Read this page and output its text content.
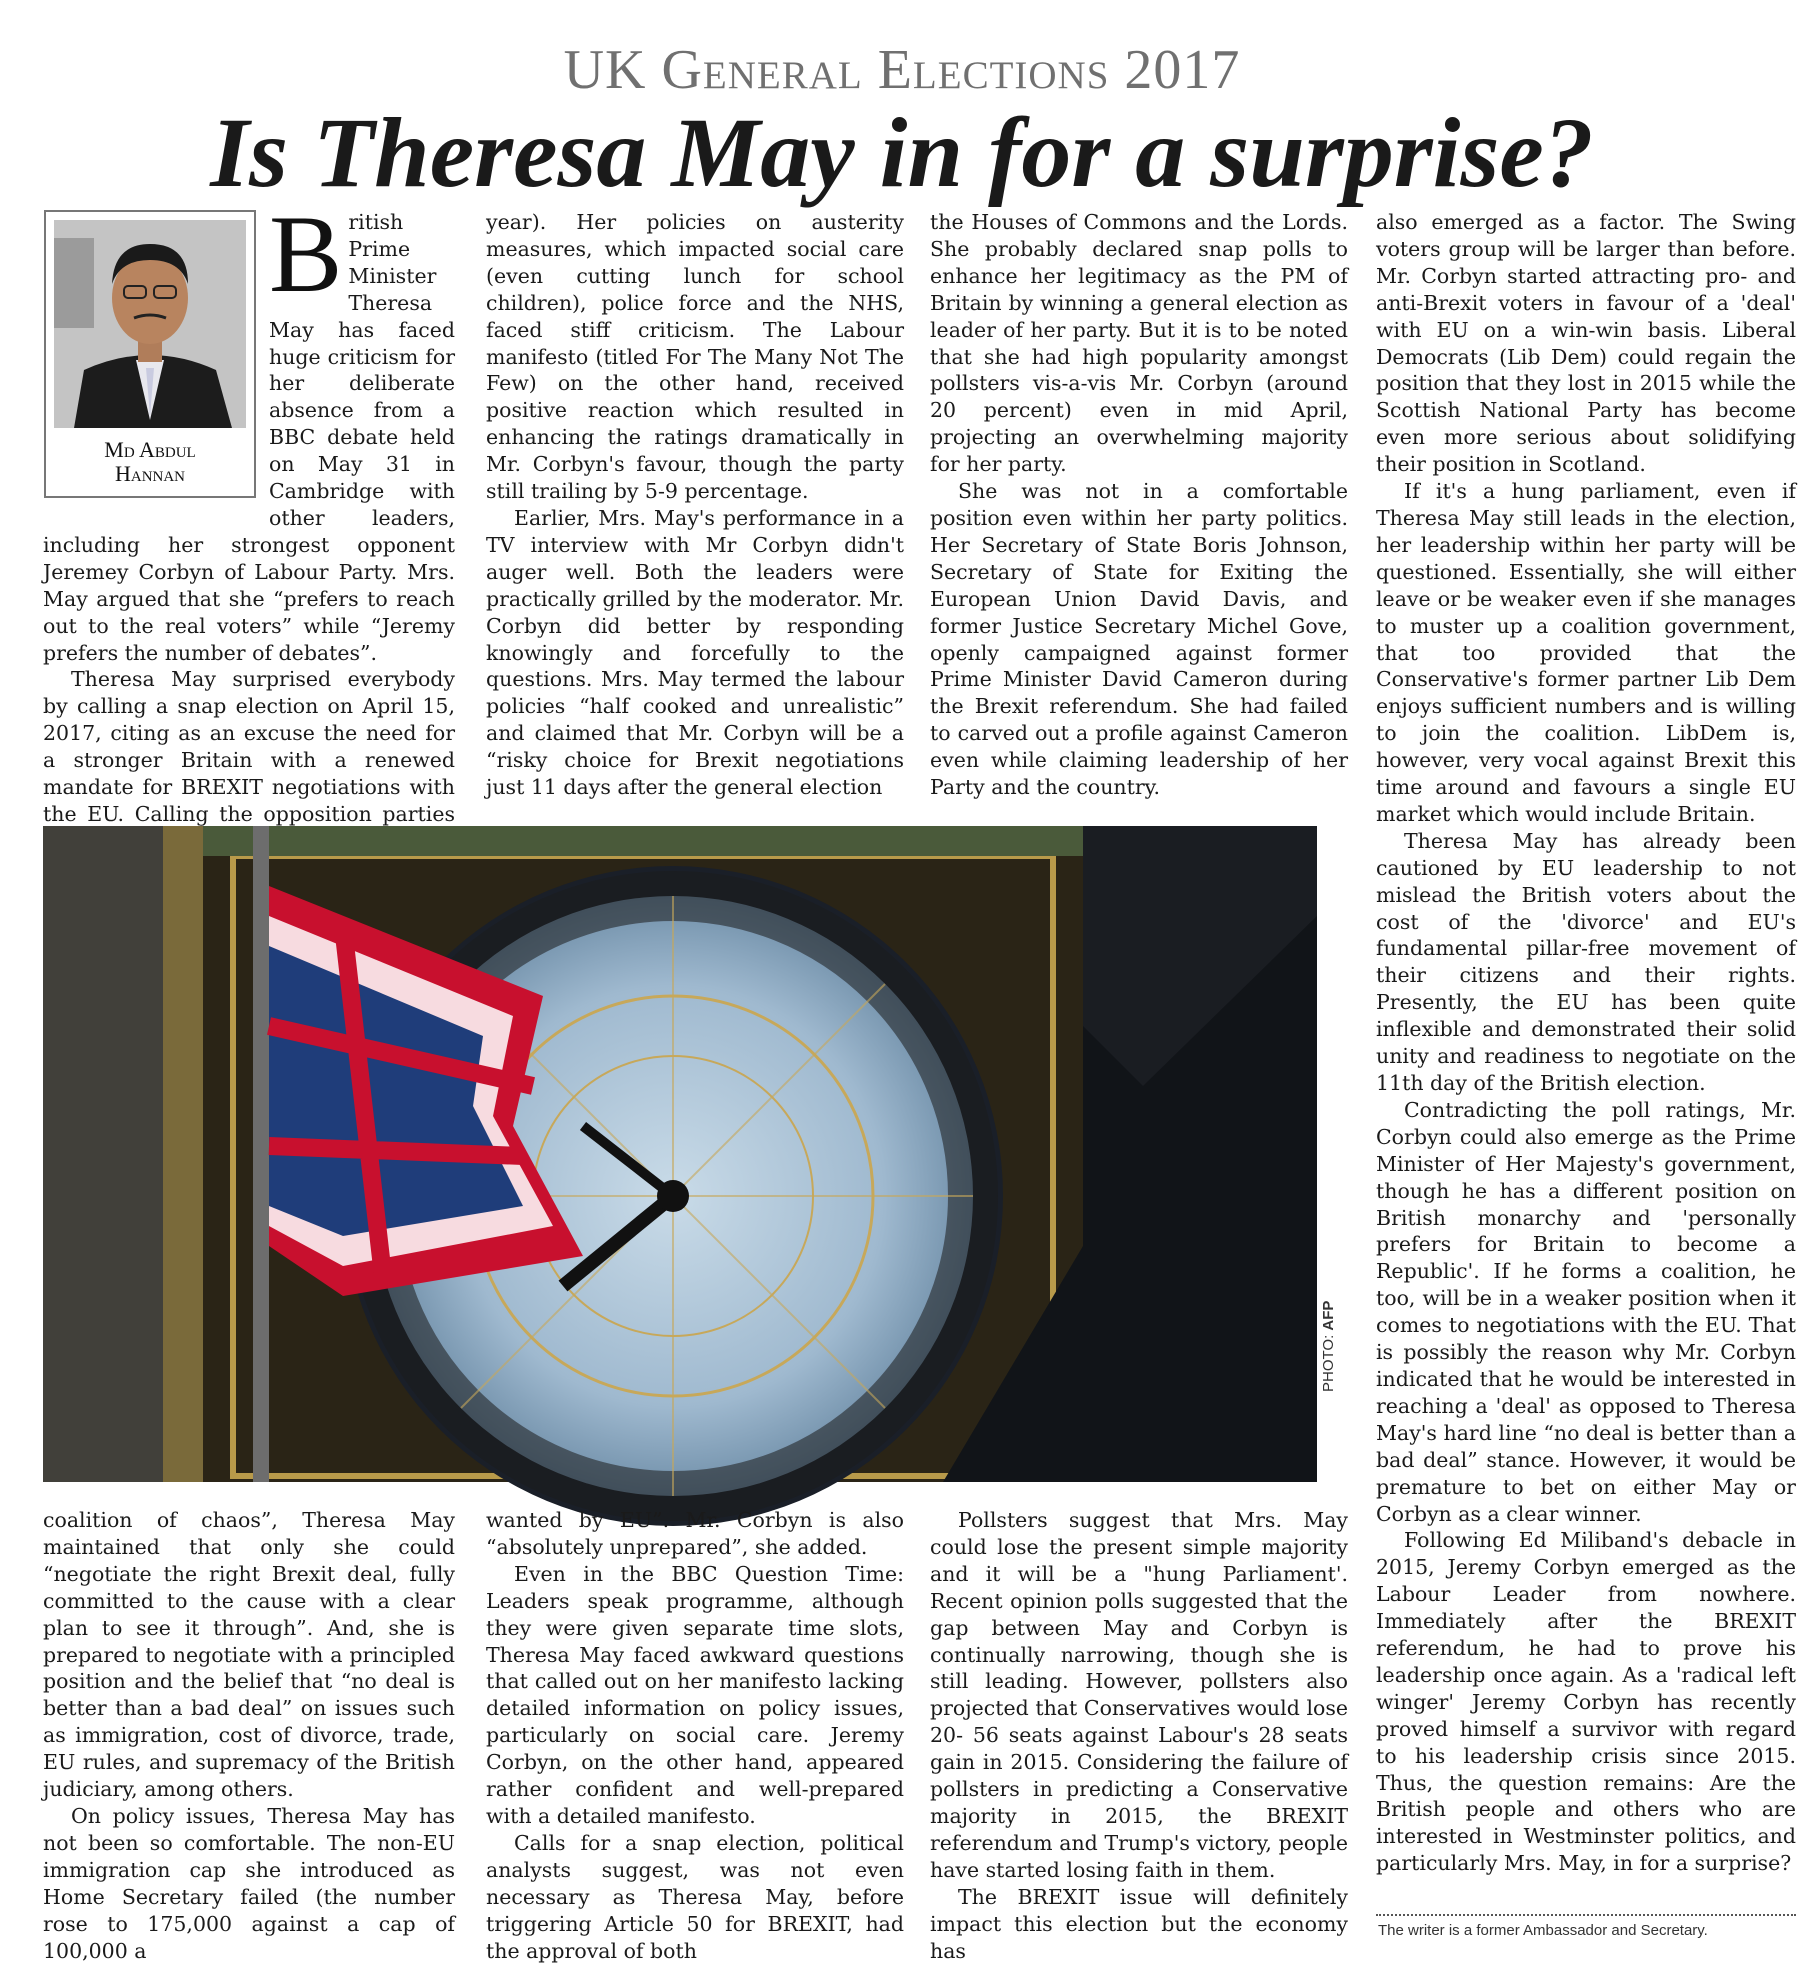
UK General Elections 2017
Is Theresa May in for a surprise?
Md Abdul
Hannan
B ritish Prime Minister Theresa May has faced huge criticism for her deliberate absence from a BBC debate held on May 31 in Cambridge with other leaders, including her strongest opponent Jeremey Corbyn of Labour Party. Mrs. May argued that she “prefers to reach out to the real voters” while “Jeremy prefers the number of debates”.

Theresa May surprised everybody by calling a snap election on April 15, 2017, citing as an excuse the need for a stronger Britain with a renewed mandate for BREXIT negotiations with the EU. Calling the opposition parties

year). Her policies on austerity measures, which impacted social care (even cutting lunch for school children), police force and the NHS, faced stiff criticism. The Labour manifesto (titled For The Many Not The Few) on the other hand, received positive reaction which resulted in enhancing the ratings dramatically in Mr. Corbyn's favour, though the party still trailing by 5-9 percentage.

Earlier, Mrs. May's performance in a TV interview with Mr Corbyn didn't auger well. Both the leaders were practically grilled by the moderator. Mr. Corbyn did better by responding knowingly and forcefully to the questions. Mrs. May termed the labour policies “half cooked and unrealistic” and claimed that Mr. Corbyn will be a “risky choice for Brexit negotiations just 11 days after the general election

the Houses of Commons and the Lords. She probably declared snap polls to enhance her legitimacy as the PM of Britain by winning a general election as leader of her party. But it is to be noted that she had high popularity amongst pollsters vis-a-vis Mr. Corbyn (around 20 percent) even in mid April, projecting an overwhelming majority for her party.

She was not in a comfortable position even within her party politics. Her Secretary of State Boris Johnson, Secretary of State for Exiting the European Union David Davis, and former Justice Secretary Michel Gove, openly campaigned against former Prime Minister David Cameron during the Brexit referendum. She had failed to carved out a profile against Cameron even while claiming leadership of her Party and the country.

also emerged as a factor. The Swing voters group will be larger than before. Mr. Corbyn started attracting pro- and anti-Brexit voters in favour of a 'deal' with EU on a win-win basis. Liberal Democrats (Lib Dem) could regain the position that they lost in 2015 while the Scottish National Party has become even more serious about solidifying their position in Scotland.

If it's a hung parliament, even if Theresa May still leads in the election, her leadership within her party will be questioned. Essentially, she will either leave or be weaker even if she manages to muster up a coalition government, that too provided that the Conservative's former partner Lib Dem enjoys sufficient numbers and is willing to join the coalition. LibDem is, however, very vocal against Brexit this time around and favours a single EU market which would include Britain.

Theresa May has already been cautioned by EU leadership to not mislead the British voters about the cost of the 'divorce' and EU's fundamental pillar-free movement of their citizens and their rights. Presently, the EU has been quite inflexible and demonstrated their solid unity and readiness to negotiate on the 11th day of the British election.

Contradicting the poll ratings, Mr. Corbyn could also emerge as the Prime Minister of Her Majesty's government, though he has a different position on British monarchy and 'personally prefers for Britain to become a Republic'. If he forms a coalition, he too, will be in a weaker position when it comes to negotiations with the EU. That is possibly the reason why Mr. Corbyn indicated that he would be interested in reaching a 'deal' as opposed to Theresa May's hard line “no deal is better than a bad deal” stance. However, it would be premature to bet on either May or Corbyn as a clear winner.

Following Ed Miliband's debacle in 2015, Jeremy Corbyn emerged as the Labour Leader from nowhere. Immediately after the BREXIT referendum, he had to prove his leadership once again. As a 'radical left winger' Jeremy Corbyn has recently proved himself a survivor with regard to his leadership crisis since 2015. Thus, the question remains: Are the British people and others who are interested in Westminster politics, and particularly Mrs. May, in for a surprise?

PHOTO: AFP

coalition of chaos”, Theresa May maintained that only she could “negotiate the right Brexit deal, fully committed to the cause with a clear plan to see it through”. And, she is prepared to negotiate with a principled position and the belief that “no deal is better than a bad deal” on issues such as immigration, cost of divorce, trade, EU rules, and supremacy of the British judiciary, among others.

On policy issues, Theresa May has not been so comfortable. The non-EU immigration cap she introduced as Home Secretary failed (the number rose to 175,000 against a cap of 100,000 a

wanted by EU”. Mr. Corbyn is also “absolutely unprepared”, she added.

Even in the BBC Question Time: Leaders speak programme, although they were given separate time slots, Theresa May faced awkward questions that called out on her manifesto lacking detailed information on policy issues, particularly on social care. Jeremy Corbyn, on the other hand, appeared rather confident and well-prepared with a detailed manifesto.

Calls for a snap election, political analysts suggest, was not even necessary as Theresa May, before triggering Article 50 for BREXIT, had the approval of both

Pollsters suggest that Mrs. May could lose the present simple majority and it will be a "hung Parliament'. Recent opinion polls suggested that the gap between May and Corbyn is continually narrowing, though she is still leading. However, pollsters also projected that Conservatives would lose 20- 56 seats against Labour's 28 seats gain in 2015. Considering the failure of pollsters in predicting a Conservative majority in 2015, the BREXIT referendum and Trump's victory, people have started losing faith in them.

The BREXIT issue will definitely impact this election but the economy has

The writer is a former Ambassador and Secretary.
